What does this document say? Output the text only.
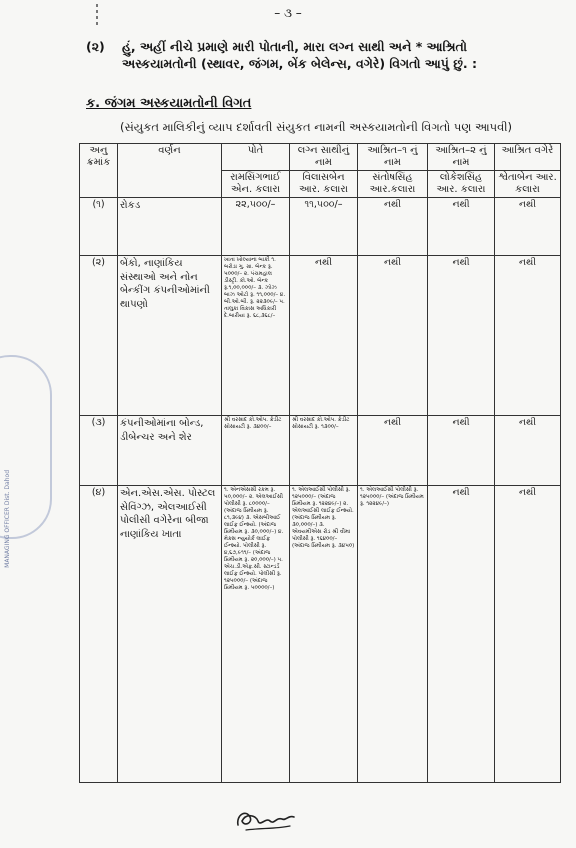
– ૩ –
(૨) હું, અહીં નીચે પ્રમાણે મારી પોતાની, મારા લગ્ન સાથી અને * આશ્રિતો અસ્કયામતોની (સ્થાવર, જંગમ, બેંક બેલેન્સ, વગેરે) વિગતો આપું છું. :
ક. જંગમ અસ્કયામતોની વિગત
(સંયુકત માલિકીનું વ્યાપ દર્શાવતી સંયુકત નામની અસ્કયામતોની વિગતો પણ આપવી)
MANAGING OFFICER Dist. Dahod
અનુ ક્રમાંક	વર્ણન	પોતે	લગ્ન સાથીનું નામ	આશ્રિત–૧ નું નામ	આશ્રિત–૨ નું નામ	આશ્રિત વગેરે
		રામસિંગભાઈ એન. કલારા	વિલાસબેન આર. કલારા	સંતોષસિંહ આર.કલારા	લોકેશસિંહ આર. કલારા	શ્વેતાબેન આર. કલારા
(૧)	રોકડ	૨૨,૫૦૦/–	૧૧,૫૦૦/–	નથી	નથી	નથી
(૨)	બેંકો, નાણાંકિય સંસ્થાઓ અને નોન બેન્કીંગ કંપનીઓમાંની થાપણો	ખાતા ખોલ્યાના બાકી ૧. બરોડા ગુ. ગ્રા. બેન્ક રૂ. ૫૦૦૦/– ૨. પંચમહાલ ડીસ્ટ્રી. કો.ઓ. બેન્ક રૂ.૧,૦૦,૦૦૦/– ૩. ઝોઝ બાઝ ઓટો રૂ. ૧૧,૦૦૦/– ૪. બી.ઓ.બી. રૂ. ૨૨૩૦૯/– ૫. તાલુકા વિકાસ અધિકારી દે.બારીયા રૂ. ૬૮,૩૬૮/–	નથી	નથી	નથી	નથી
(૩)	કંપનીઓમાંના બોન્ડ, ડીબેન્ચર અને શેર	શ્રી વરસાદ કો.ઓપ. ક્રેડીટ સોસાયટી રૂ. ૩૪૦૦/–	શ્રી વરસાદ કો.ઓપ. ક્રેડીટ સોસાયટી રૂ. ૧૩૦૦/–	નથી	નથી	નથી
(૪)	એન.એસ.એસ. પોસ્ટલ સેવિંગ્ઝ, એલઆઈસી પોલીસી વગેરેના બીજા નાણાંકિય ખાતા	૧. એનએસસી રકમ રૂ. ૫૦,૦૦૦/– ૨. એલઆઈસી પોલીસી રૂ. ૮૦૦૦૦/– (અંદાજ પ્રિમીયમ રૂ. ૮૧,૩૯૪) ૩. એસબીઆઈ લાઈફ ઈન્શ્યો. (અંદાજ પ્રિમીયમ રૂ. ૩૦,૦૦૦/–) ૪. મેક્સ ન્યુયોર્ક લાઈફ ઈન્શ્યો. પોલીસી રૂ. ૪,૬૭,૯૧૧/– (અંદાજ પ્રિમીયમ રૂ. ૨૦,૦૦૦/–) ૫. એચ.ડી.એફ.સી. સ્ટાન્ડર્ડ લાઈફ ઈન્શ્યો. પોલીસી રૂ. ૧૨૫૦૦૦/– (અંદાજ પ્રિમીયમ રૂ. ૫૦૦૦૦/–)	૧. એલઆઈસી પોલીસી રૂ. ૧૨૫૦૦૦/– (અંદાજ પ્રિમીયમ રૂ. ૧૨૨૪૯/–) ૨. એલઆઈસી લાઈફ ઈન્શ્યો. (અંદાજ પ્રિમીયમ રૂ. ૩૦,૦૦૦/–) ૩. એવયમીએસ રોડ શ્રી વીમા પોલીસી રૂ. ૧૬૪૦૦/– (અંદાજ પ્રિમીયમ રૂ. ૩૪૫૦)	૧. એલઆઈસી પોલીસી રૂ. ૧૨૫૦૦૦/– (અંદાજ પ્રિમીયમ રૂ. ૧૨૨૪૯/–)	નથી	નથી
